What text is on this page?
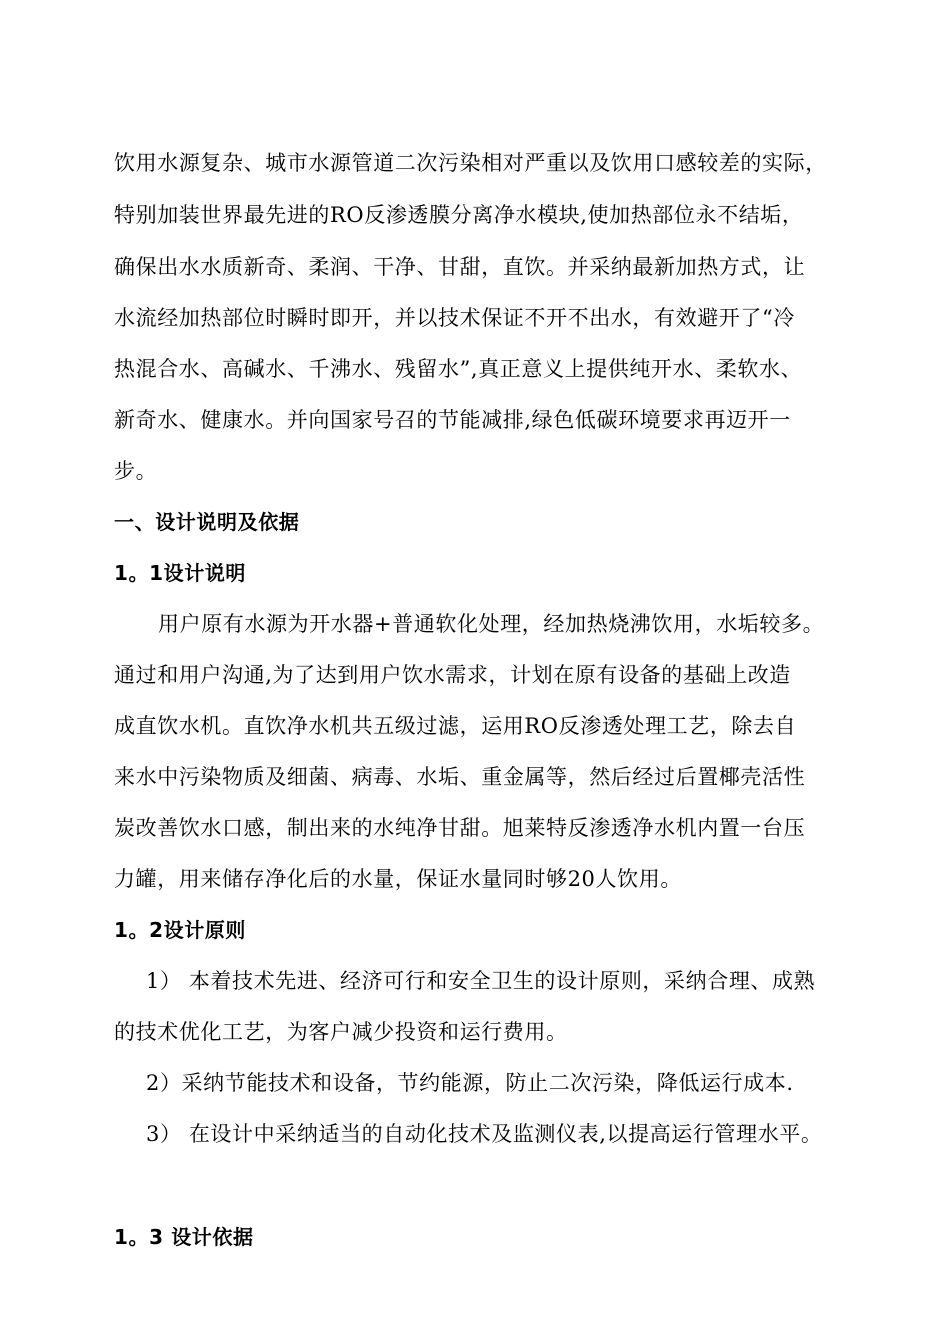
饮用水源复杂、城市水源管道二次污染相对严重以及饮用口感较差的实际，
特别加装世界最先进的RO反渗透膜分离净水模块,使加热部位永不结垢，
确保出水水质新奇、柔润、干净、甘甜，直饮。并采纳最新加热方式，让
水流经加热部位时瞬时即开，并以技术保证不开不出水，有效避开了“冷
热混合水、高碱水、千沸水、残留水”,真正意义上提供纯开水、柔软水、
新奇水、健康水。并向国家号召的节能减排,绿色低碳环境要求再迈开一
步。
一、设计说明及依据
1。1设计说明
用户原有水源为开水器+普通软化处理，经加热烧沸饮用，水垢较多。
通过和用户沟通,为了达到用户饮水需求，计划在原有设备的基础上改造
成直饮水机。直饮净水机共五级过滤，运用RO反渗透处理工艺，除去自
来水中污染物质及细菌、病毒、水垢、重金属等，然后经过后置椰壳活性
炭改善饮水口感，制出来的水纯净甘甜。旭莱特反渗透净水机内置一台压
力罐，用来储存净化后的水量，保证水量同时够20人饮用。
1。2设计原则
1） 本着技术先进、经济可行和安全卫生的设计原则，采纳合理、成熟
的技术优化工艺，为客户减少投资和运行费用。
2）采纳节能技术和设备，节约能源，防止二次污染，降低运行成本.
3） 在设计中采纳适当的自动化技术及监测仪表,以提高运行管理水平。
1。3 设计依据
